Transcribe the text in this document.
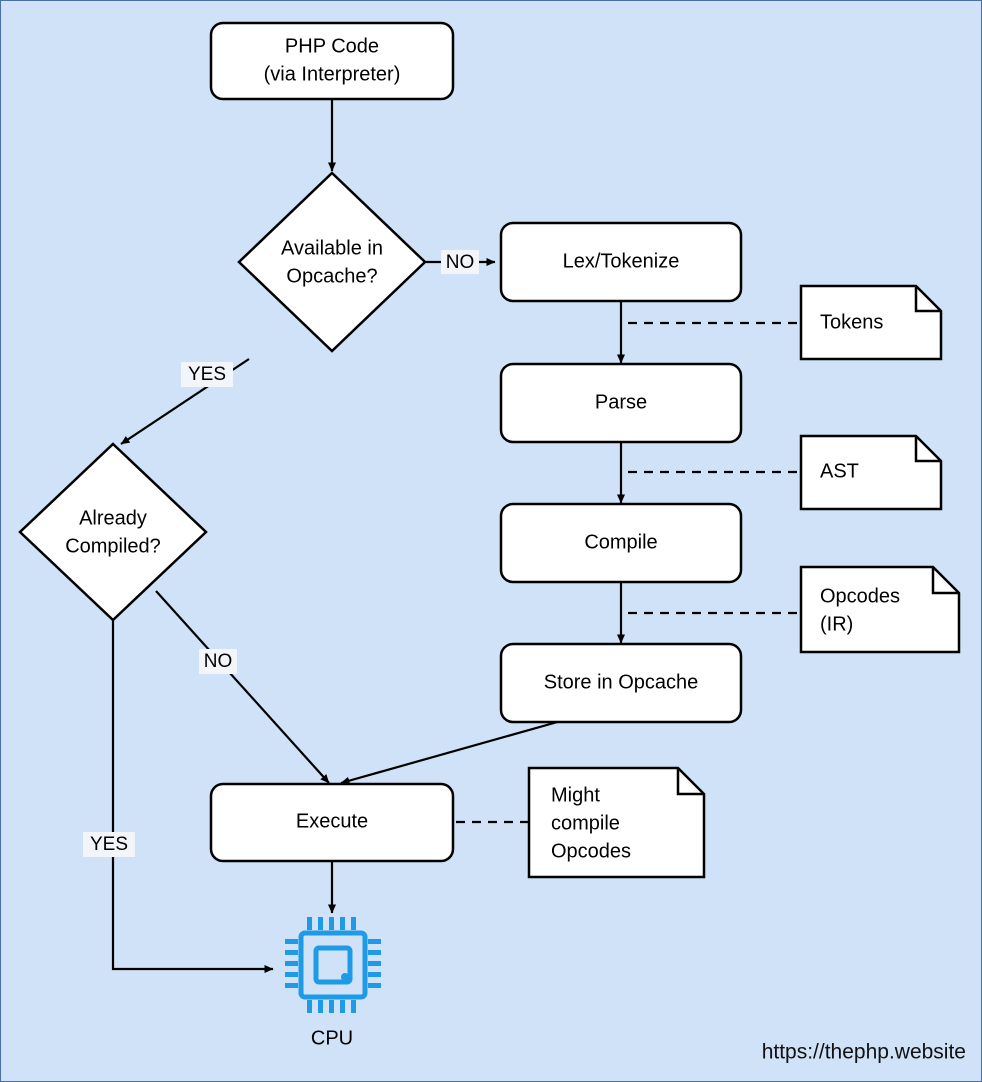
PHP Code
(via Interpreter)
Available in
Opcache?
Lex/Tokenize
Parse
Compile
Store in Opcache
Already
Compiled?
Execute
Tokens
AST
Opcodes
(IR)
Might
compile
Opcodes
NO
YES
NO
YES
CPU
https://thephp.website
